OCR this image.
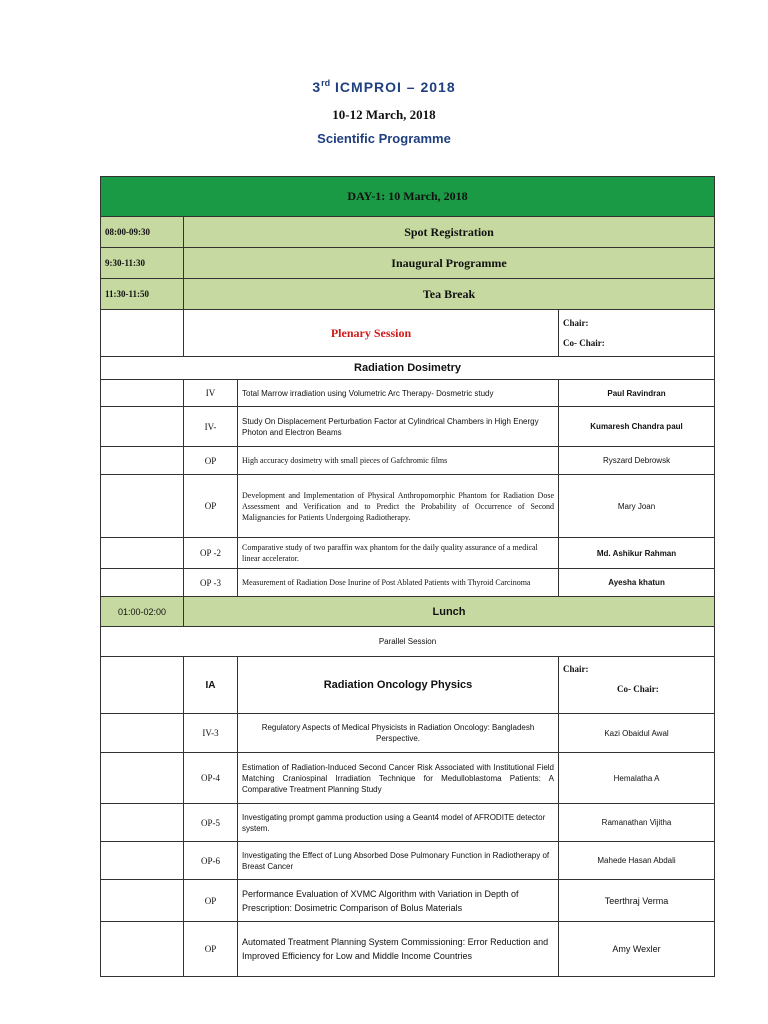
3rd ICMPROI – 2018
10-12 March, 2018
Scientific Programme
DAY-1: 10 March, 2018			
08:00-09:30	Spot Registration		
9:30-11:30	Inaugural Programme		
11:30-11:50	Tea Break		
	Plenary Session		Chair:
Co- Chair:

Radiation Dosimetry			
	IV	Total Marrow irradiation using Volumetric Arc Therapy- Dosmetric study	Paul Ravindran
	IV-	Study On Displacement Perturbation Factor at Cylindrical Chambers in High Energy Photon and Electron Beams	Kumaresh Chandra paul
	OP	High accuracy dosimetry with small pieces of Gafchromic films	Ryszard Debrowsk
	OP	Development and Implementation of Physical Anthropomorphic Phantom for Radiation Dose Assessment and Verification and to Predict the Probability of Occurrence of Second Malignancies for Patients Undergoing Radiotherapy.	Mary Joan
	OP -2	Comparative study of two paraffin wax phantom for the daily quality assurance of a medical linear accelerator.	Md. Ashikur Rahman
	OP -3	Measurement of Radiation Dose Inurine of Post Ablated Patients with Thyroid Carcinoma	Ayesha khatun
01:00-02:00	Lunch		
Parallel Session			
	IA	Radiation Oncology Physics	Chair:
Co- Chair:

	IV-3	Regulatory Aspects of Medical Physicists in Radiation Oncology: Bangladesh Perspective.	Kazi Obaidul Awal
	OP-4	Estimation of Radiation-Induced Second Cancer Risk Associated with Institutional Field Matching Craniospinal Irradiation Technique for Medulloblastoma Patients: A Comparative Treatment Planning Study	Hemalatha A
	OP-5	Investigating prompt gamma production using a Geant4 model of AFRODITE detector system.	Ramanathan Vijitha
	OP-6	Investigating the Effect of Lung Absorbed Dose Pulmonary Function in Radiotherapy of Breast Cancer	Mahede Hasan Abdali
	OP	Performance Evaluation of XVMC Algorithm with Variation in Depth of Prescription: Dosimetric Comparison of Bolus Materials	Teerthraj Verma
	OP	Automated Treatment Planning System Commissioning: Error Reduction and Improved Efficiency for Low and Middle Income Countries	Amy Wexler
